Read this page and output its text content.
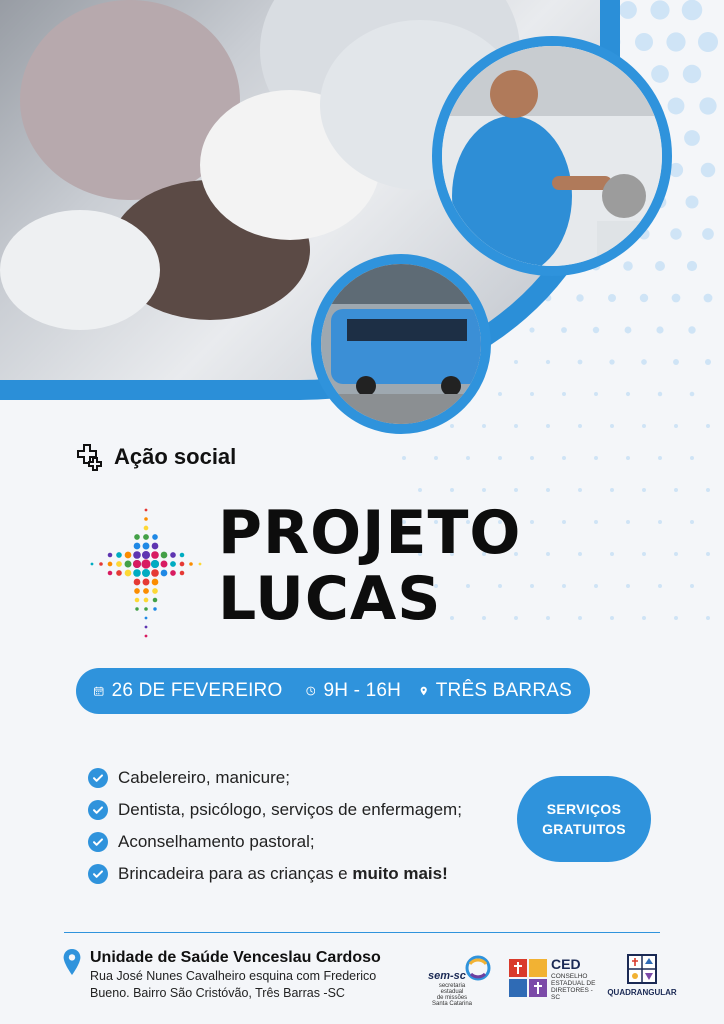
Ação social
PROJETO
LUCAS
26 DE FEVEREIRO 9H - 16H TRÊS BARRAS
Cabelereiro, manicure;
Dentista, psicólogo, serviços de enfermagem;
Aconselhamento pastoral;
Brincadeira para as crianças e muito mais!
SERVIÇOS
GRATUITOS
Unidade de Saúde Venceslau Cardoso
Rua José Nunes Cavalheiro esquina com Frederico
Bueno. Bairro São Cristóvão, Três Barras -SC
sem-sc
secretaria estadual
de missões
Santa Catarina
CED
CONSELHO
ESTADUAL DE
DIRETORES - SC
QUADRANGULAR
